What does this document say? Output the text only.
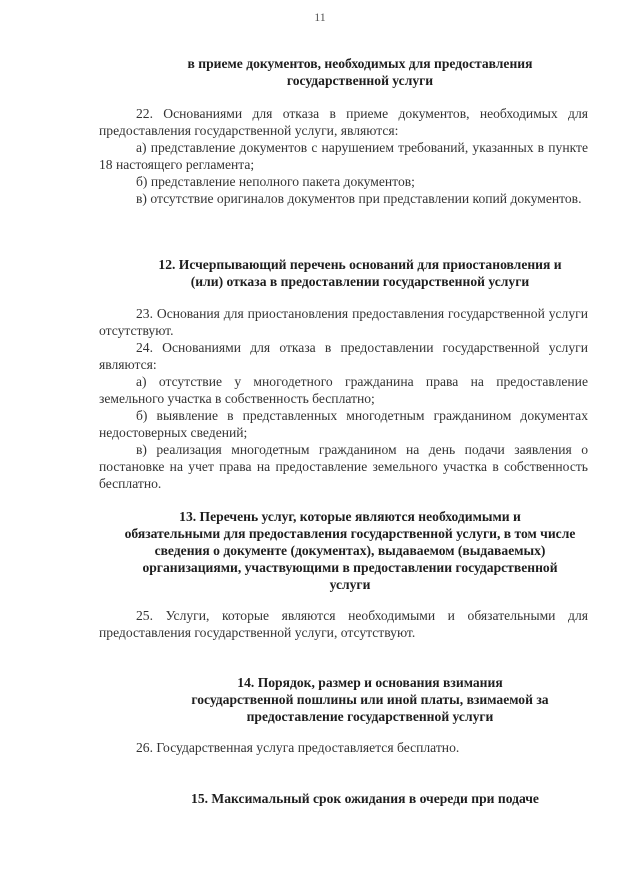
11
в приеме документов, необходимых для предоставления
государственной услуги
22. Основаниями для отказа в приеме документов, необходимых для предоставления государственной услуги, являются:
а) представление документов с нарушением требований, указанных в пункте 18 настоящего регламента;
б) представление неполного пакета документов;
в) отсутствие оригиналов документов при представлении копий документов.
12. Исчерпывающий перечень оснований для приостановления и
(или) отказа в предоставлении государственной услуги
23. Основания для приостановления предоставления государственной услуги отсутствуют.
24. Основаниями для отказа в предоставлении государственной услуги являются:
а) отсутствие у многодетного гражданина права на предоставление земельного участка в собственность бесплатно;
б) выявление в представленных многодетным гражданином документах недостоверных сведений;
в) реализация многодетным гражданином на день подачи заявления о постановке на учет права на предоставление земельного участка в собственность бесплатно.
13. Перечень услуг, которые являются необходимыми и
обязательными для предоставления государственной услуги, в том числе
сведения о документе (документах), выдаваемом (выдаваемых)
организациями, участвующими в предоставлении государственной
услуги
25. Услуги, которые являются необходимыми и обязательными для предоставления государственной услуги, отсутствуют.
14. Порядок, размер и основания взимания
государственной пошлины или иной платы, взимаемой за
предоставление государственной услуги
26. Государственная услуга предоставляется бесплатно.
15. Максимальный срок ожидания в очереди при подаче
